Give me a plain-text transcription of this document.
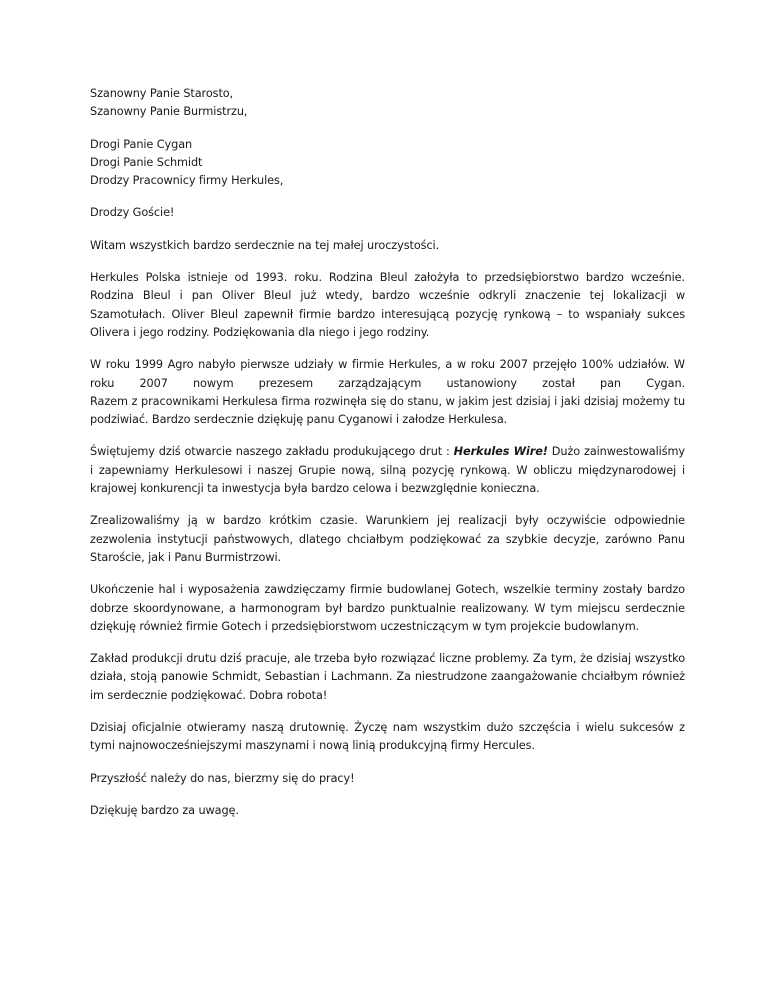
Szanowny Panie Starosto,
Szanowny Panie Burmistrzu,
Drogi Panie Cygan
Drogi Panie Schmidt
Drodzy Pracownicy firmy Herkules,

Drodzy Goście!

Witam wszystkich bardzo serdecznie na tej małej uroczystości.

Herkules Polska istnieje od 1993. roku. Rodzina Bleul założyła to przedsiębiorstwo bardzo wcześnie. Rodzina Bleul i pan Oliver Bleul już wtedy, bardzo wcześnie odkryli znaczenie tej lokalizacji w Szamotułach. Oliver Bleul zapewnił firmie bardzo interesującą pozycję rynkową – to wspaniały sukces Olivera i jego rodziny. Podziękowania dla niego i jego rodziny.

W roku 1999 Agro nabyło pierwsze udziały w firmie Herkules, a w roku 2007 przejęło 100% udziałów. W roku 2007 nowym prezesem zarządzającym ustanowiony został pan Cygan.
Razem z pracownikami Herkulesa firma rozwinęła się do stanu, w jakim jest dzisiaj i jaki dzisiaj możemy tu podziwiać. Bardzo serdecznie dziękuję panu Cyganowi i załodze Herkulesa.

Świętujemy dziś otwarcie naszego zakładu produkującego drut : Herkules Wire! Dużo zainwestowaliśmy i zapewniamy Herkulesowi i naszej Grupie nową, silną pozycję rynkową. W obliczu międzynarodowej i krajowej konkurencji ta inwestycja była bardzo celowa i bezwzględnie konieczna.

Zrealizowaliśmy ją w bardzo krótkim czasie. Warunkiem jej realizacji były oczywiście odpowiednie zezwolenia instytucji państwowych, dlatego chciałbym podziękować za szybkie decyzje, zarówno Panu Staroście, jak i Panu Burmistrzowi.

Ukończenie hal i wyposażenia zawdzięczamy firmie budowlanej Gotech, wszelkie terminy zostały bardzo dobrze skoordynowane, a harmonogram był bardzo punktualnie realizowany. W tym miejscu serdecznie dziękuję również firmie Gotech i przedsiębiorstwom uczestniczącym w tym projekcie budowlanym.

Zakład produkcji drutu dziś pracuje, ale trzeba było rozwiązać liczne problemy. Za tym, że dzisiaj wszystko działa, stoją panowie Schmidt, Sebastian i Lachmann. Za niestrudzone zaangażowanie chciałbym również im serdecznie podziękować. Dobra robota!

Dzisiaj oficjalnie otwieramy naszą drutownię. Życzę nam wszystkim dużo szczęścia i wielu sukcesów z tymi najnowocześniejszymi maszynami i nową linią produkcyjną firmy Hercules.

Przyszłość należy do nas, bierzmy się do pracy!

Dziękuję bardzo za uwagę.
